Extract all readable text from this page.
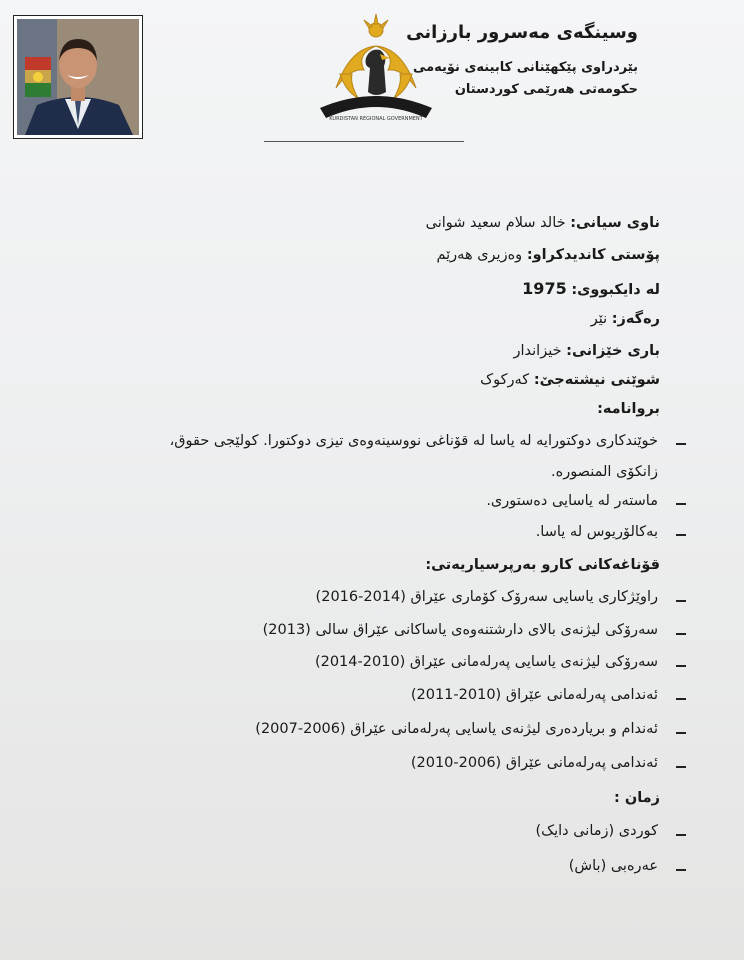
KURDISTAN REGIONAL GOVERNMENT
وسینگەی مەسرور بارزانی
بێردراوی پێکهێنانی کابینەی نۆیەمی
حکومەتی هەرێمی کوردستان
ناوی سیانی: خالد سلام سعيد شوانى
پۆستی کاندیدکراو: وەزیری هەرێم
لە دایکبووی: 1975
رەگەز: نێر
باری خێزانی: خیزاندار
شوێنی نیشتەجێ: کەرکوک
بروانامە:
خوێندکاری دوکتورایە لە یاسا لە قۆناغی نووسینەوەی تیزی دوکتورا. کولێجی حقوق،
زانكۆى المنصورە.
ماستەر لە یاسایی دەستوری.
بەکالۆریوس لە یاسا.
قۆناغەکانی کارو بەرپرسیاریەتی:
راوێژکاری یاسایی سەرۆک کۆماری عێراق (2014-2016)
سەرۆکی لیژنەی بالای دارشتنەوەی یاساکانی عێراق سالی (2013)
سەرۆکی لیژنەی یاسایی پەرلەمانی عێراق (2010-2014)
ئەندامی پەرلەمانی عێراق (2010-2011)
ئەندام و بریاردەری لیژنەی یاسایی پەرلەمانی عێراق (2006-2007)
ئەندامی پەرلەمانی عێراق (2006-2010)
زمان :
کوردی (زمانی دایک)
عەرەبی (باش)
